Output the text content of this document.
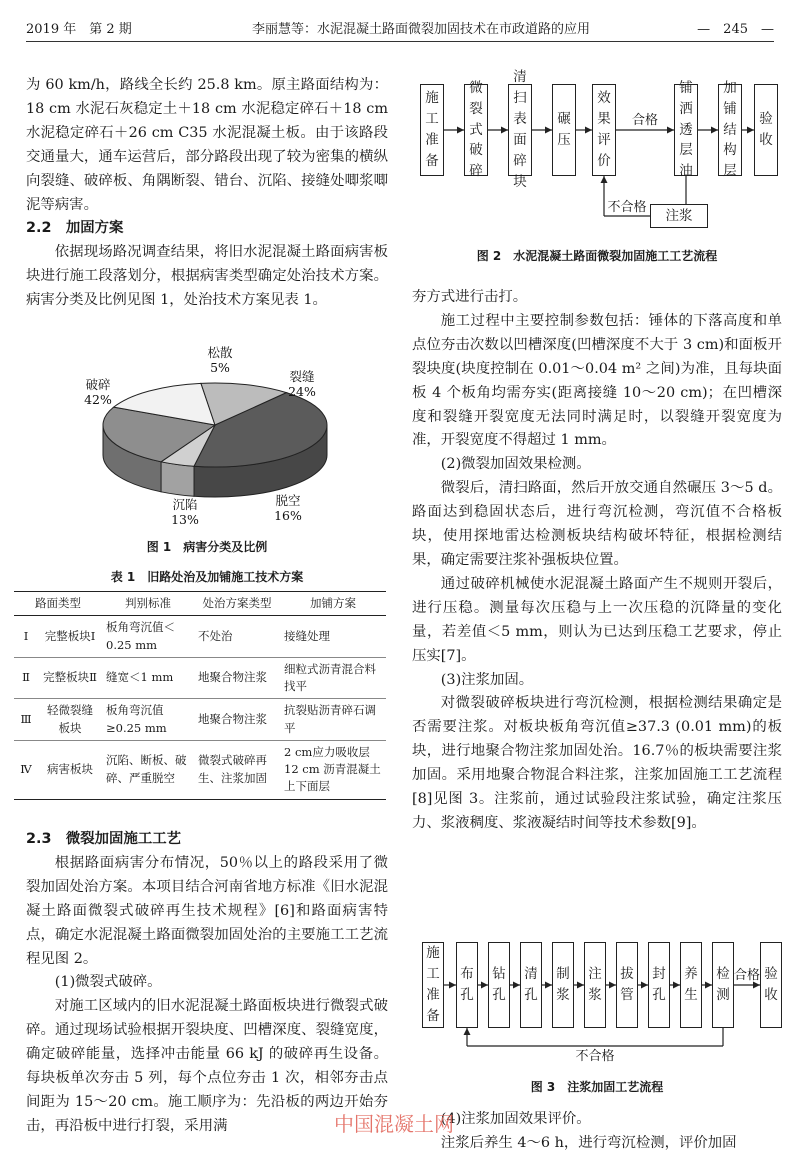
2019 年　第 2 期	李丽慧等：水泥混凝土路面微裂加固技术在市政道路的应用	—　245　—

为 60 km/h，路线全长约 25.8 km。原主路面结构为：18 cm 水泥石灰稳定土＋18 cm 水泥稳定碎石＋18 cm 水泥稳定碎石＋26 cm C35 水泥混凝土板。由于该路段交通量大，通车运营后，部分路段出现了较为密集的横纵向裂缝、破碎板、角隅断裂、错台、沉陷、接缝处唧浆唧泥等病害。

2.2　加固方案

依据现场路况调查结果，将旧水泥混凝土路面病害板块进行施工段落划分，根据病害类型确定处治技术方案。病害分类及比例见图 1，处治技术方案见表 1。

破碎 42%
松散 5%
裂缝 24%
脱空 16%
沉陷 13%
图 1　病害分类及比例
表 1　旧路处治及加铺施工技术方案
路面类型		判别标准	处治方案类型	加铺方案
Ⅰ	完整板块Ⅰ	板角弯沉值＜0.25 mm	不处治	接缝处理
Ⅱ	完整板块Ⅱ	缝宽＜1 mm	地聚合物注浆	细粒式沥青混合料找平
Ⅲ	轻微裂缝板块	板角弯沉值≥0.25 mm	地聚合物注浆	抗裂贴沥青碎石调平
Ⅳ	病害板块	沉陷、断板、破碎、严重脱空	微裂式破碎再生、注浆加固	2 cm应力吸收层 12 cm 沥青混凝土上下面层

2.3　微裂加固施工工艺

根据路面病害分布情况，50％以上的路段采用了微裂加固处治方案。本项目结合河南省地方标准《旧水泥混凝土路面微裂式破碎再生技术规程》[6]和路面病害特点，确定水泥混凝土路面微裂加固处治的主要施工工艺流程见图 2。

(1)微裂式破碎。

对施工区域内的旧水泥混凝土路面板块进行微裂式破碎。通过现场试验根据开裂块度、凹槽深度、裂缝宽度，确定破碎能量，选择冲击能量 66 kJ 的破碎再生设备。每块板单次夯击 5 列，每个点位夯击 1 次，相邻夯击点间距为 15～20 cm。施工顺序为：先沿板的两边开始夯击，再沿板中进行打裂，采用满

合格
不合格
施工准备
微裂式破碎
清扫表面碎块
碾压
效果评价
铺洒透层油
加铺结构层
验收
注浆
图 2　水泥混凝土路面微裂加固施工工艺流程

夯方式进行击打。

施工过程中主要控制参数包括：锤体的下落高度和单点位夯击次数以凹槽深度(凹槽深度不大于 3 cm)和面板开裂块度(块度控制在 0.01～0.04 m² 之间)为准，且每块面板 4 个板角均需夯实(距离接缝 10～20 cm)；在凹槽深度和裂缝开裂宽度无法同时满足时，以裂缝开裂宽度为准，开裂宽度不得超过 1 mm。

(2)微裂加固效果检测。

微裂后，清扫路面，然后开放交通自然碾压 3～5 d。路面达到稳固状态后，进行弯沉检测，弯沉值不合格板块，使用探地雷达检测板块结构破坏特征，根据检测结果，确定需要注浆补强板块位置。

通过破碎机械使水泥混凝土路面产生不规则开裂后，进行压稳。测量每次压稳与上一次压稳的沉降量的变化量，若差值＜5 mm，则认为已达到压稳工艺要求，停止压实[7]。

(3)注浆加固。

对微裂破碎板块进行弯沉检测，根据检测结果确定是否需要注浆。对板块板角弯沉值≥37.3 (0.01 mm)的板块，进行地聚合物注浆加固处治。16.7％的板块需要注浆加固。采用地聚合物混合料注浆，注浆加固施工工艺流程[8]见图 3。注浆前，通过试验段注浆试验，确定注浆压力、浆液稠度、浆液凝结时间等技术参数[9]。

合格
不合格
施工准备
布孔
钻孔
清孔
制浆
注浆
拔管
封孔
养生
检测
验收
图 3　注浆加固工艺流程

(4)注浆加固效果评价。

注浆后养生 4～6 h，进行弯沉检测，评价加固

中国混凝土网
